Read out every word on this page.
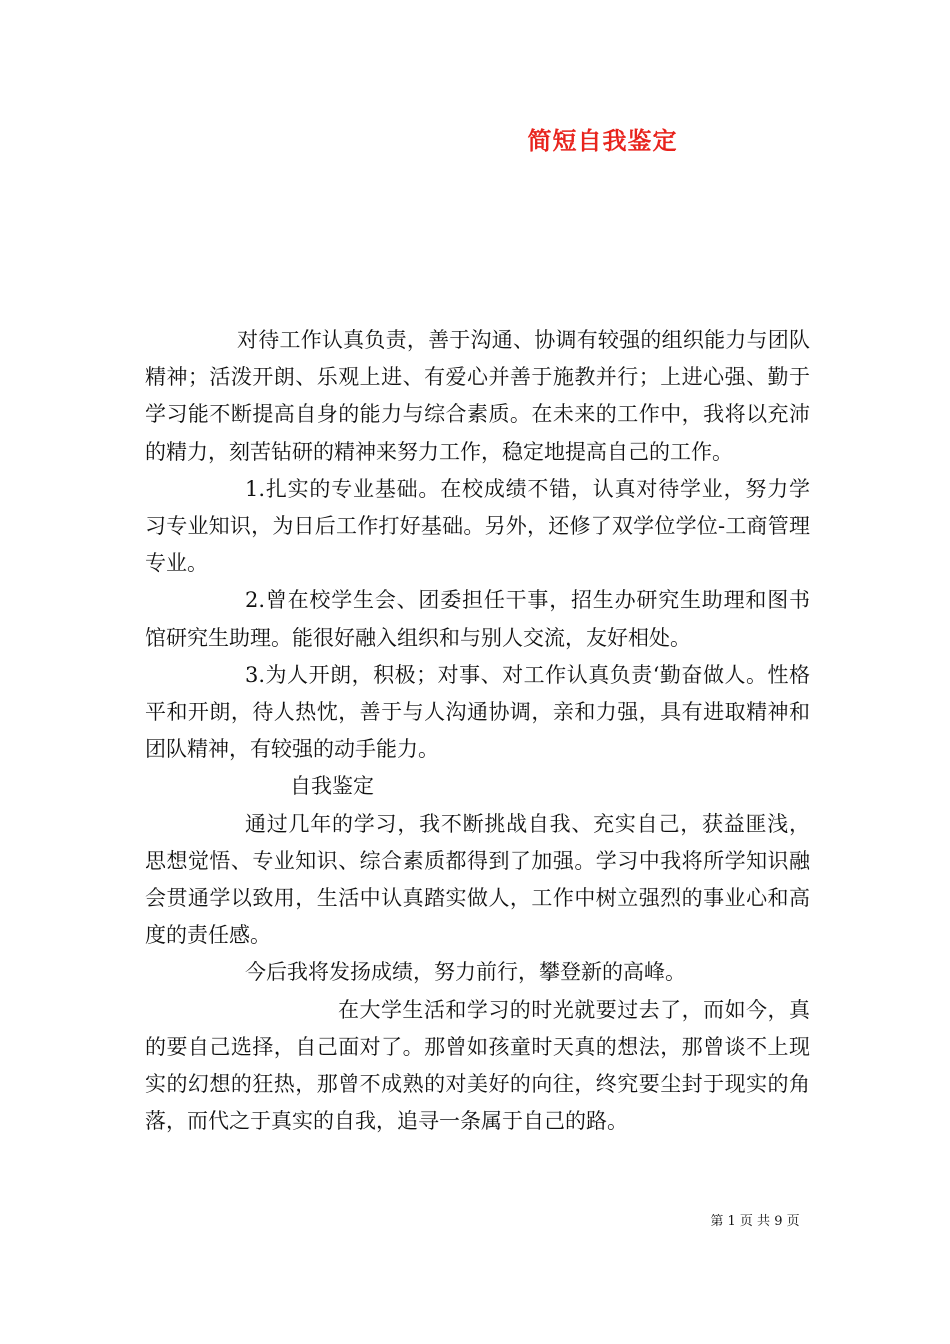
简短自我鉴定

对待工作认真负责，善于沟通、协调有较强的组织能力与团队精神；活泼开朗、乐观上进、有爱心并善于施教并行；上进心强、勤于学习能不断提高自身的能力与综合素质。在未来的工作中，我将以充沛的精力，刻苦钻研的精神来努力工作，稳定地提高自己的工作。

1.扎实的专业基础。在校成绩不错，认真对待学业，努力学习专业知识，为日后工作打好基础。另外，还修了双学位学位-工商管理专业。

2.曾在校学生会、团委担任干事，招生办研究生助理和图书馆研究生助理。能很好融入组织和与别人交流，友好相处。

3.为人开朗，积极；对事、对工作认真负责‘勤奋做人。性格平和开朗，待人热忱，善于与人沟通协调，亲和力强，具有进取精神和团队精神，有较强的动手能力。

自我鉴定

通过几年的学习，我不断挑战自我、充实自己，获益匪浅，思想觉悟、专业知识、综合素质都得到了加强。学习中我将所学知识融会贯通学以致用，生活中认真踏实做人，工作中树立强烈的事业心和高度的责任感。

今后我将发扬成绩，努力前行，攀登新的高峰。

在大学生活和学习的时光就要过去了，而如今，真的要自己选择，自己面对了。那曾如孩童时天真的想法，那曾谈不上现实的幻想的狂热，那曾不成熟的对美好的向往，终究要尘封于现实的角落，而代之于真实的自我，追寻一条属于自己的路。

第 1 页 共 9 页
